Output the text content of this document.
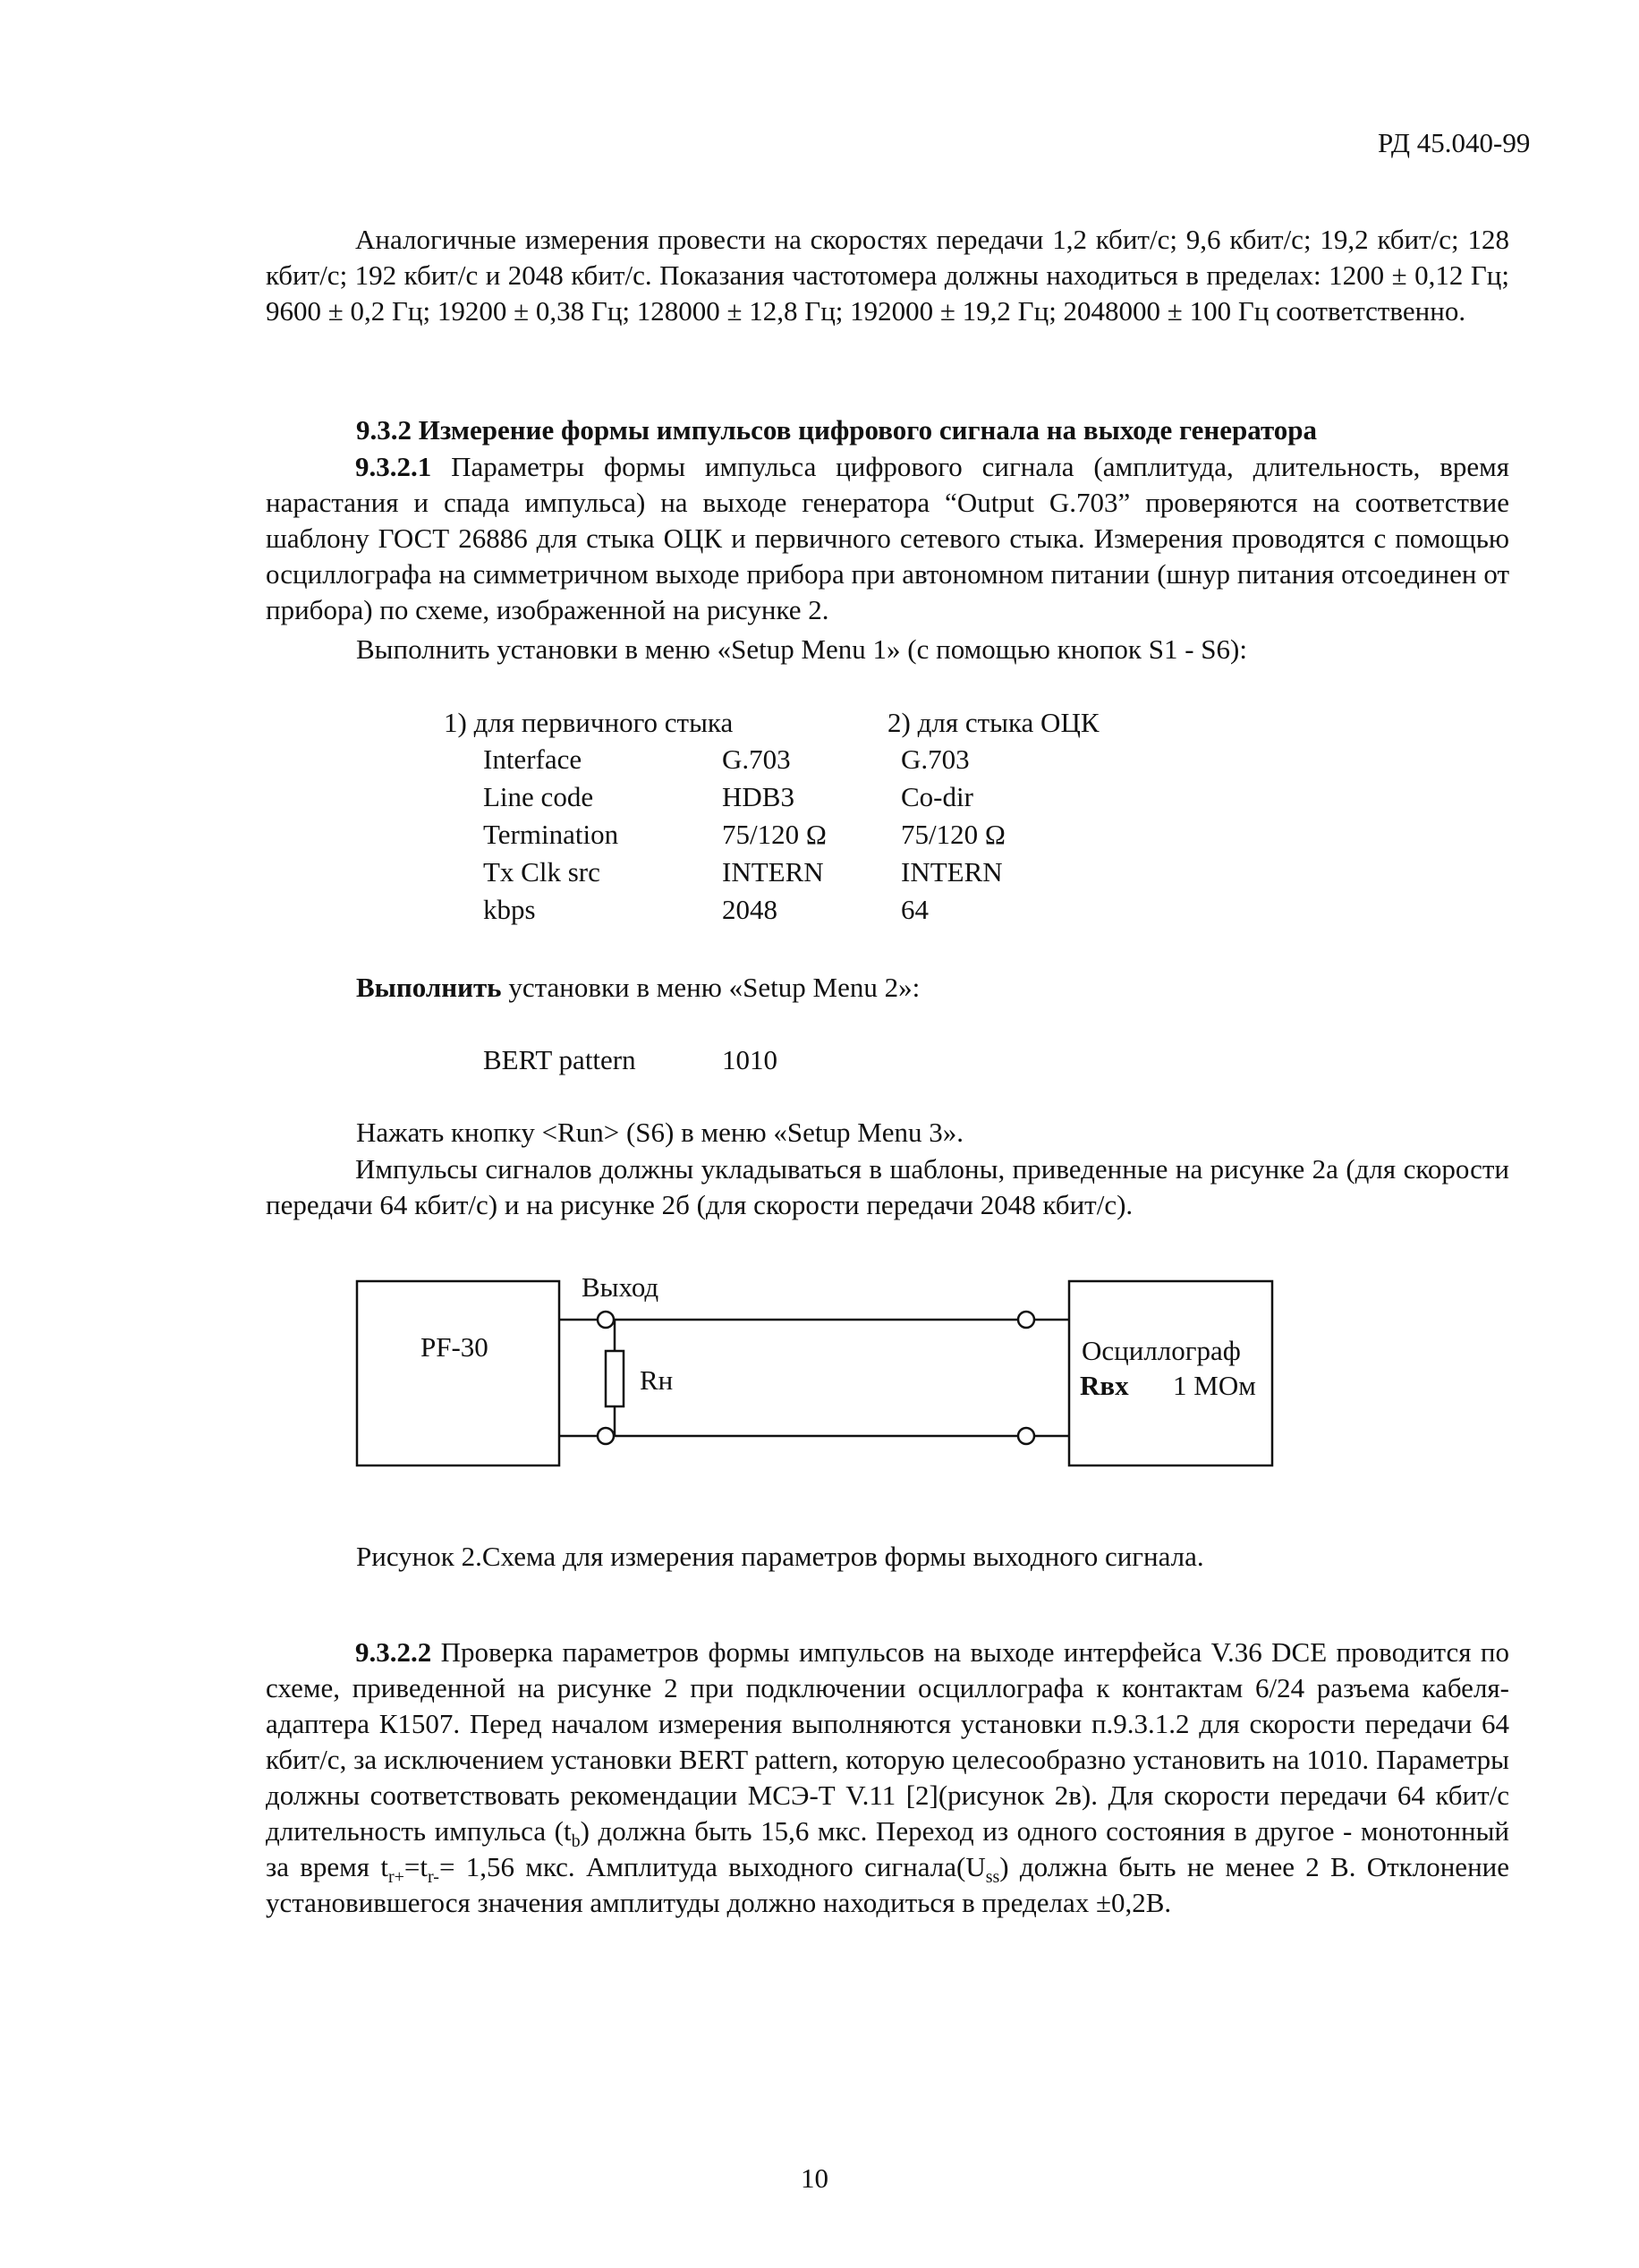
РД 45.040-99
Аналогичные измерения провести на скоростях передачи 1,2 кбит/с; 9,6 кбит/с; 19,2 кбит/с; 128 кбит/с; 192 кбит/с и 2048 кбит/с. Показания частотомера должны находиться в пределах: 1200 ± 0,12 Гц; 9600 ± 0,2 Гц; 19200 ± 0,38 Гц; 128000 ± 12,8 Гц; 192000 ± 19,2 Гц; 2048000 ± 100 Гц соответственно.
9.3.2 Измерение формы импульсов цифрового сигнала на выходе генератора
9.3.2.1 Параметры формы импульса цифрового сигнала (амплитуда, длительность, время нарастания и спада импульса) на выходе генератора “Output G.703” проверяются на соответствие шаблону ГОСТ 26886 для стыка ОЦК и первичного сетевого стыка. Измерения проводятся с помощью осциллографа на симметричном выходе прибора при автономном питании (шнур питания отсоединен от прибора) по схеме, изображенной на рисунке 2.
Выполнить установки в меню «Setup Menu 1» (с помощью кнопок S1 - S6):
1) для первичного стыка	2) для стыка ОЦК
Interface	G.703	G.703
Line code	HDB3	Co-dir
Termination	75/120 Ω	75/120 Ω
Tx Clk src	INTERN	INTERN
kbps	2048	64
Выполнить установки в меню «Setup Menu 2»:
BERT pattern	1010
Нажать кнопку <Run> (S6) в меню «Setup Menu 3».
Импульсы сигналов должны укладываться в шаблоны, приведенные на рисунке 2а (для скорости передачи 64 кбит/с) и на рисунке 2б (для скорости передачи 2048 кбит/с).
PF-30
Выход
Rн
Осциллограф
Rвх 1 МОм
Рисунок 2.Схема для измерения параметров формы выходного сигнала.
9.3.2.2 Проверка параметров формы импульсов на выходе интерфейса V.36 DCE проводится по схеме, приведенной на рисунке 2 при подключении осциллографа к контактам 6/24 разъема кабеля-адаптера К1507. Перед началом измерения выполняются установки п.9.3.1.2 для скорости передачи 64 кбит/с, за исключением установки BERT pattern, которую целесообразно установить на 1010. Параметры должны соответствовать рекомендации МСЭ-Т V.11 [2](рисунок 2в). Для скорости передачи 64 кбит/с длительность импульса $(t_b)$ должна быть 15,6 мкс. Переход из одного состояния в другое - монотонный за время $t_{r+}=t_{r-}= 1,56$ мкс. Амплитуда выходного $сигнала(U_{ss})$ должна быть не менее 2 В. Отклонение установившегося значения амплитуды должно находиться в пределах ±0,2В.
10
